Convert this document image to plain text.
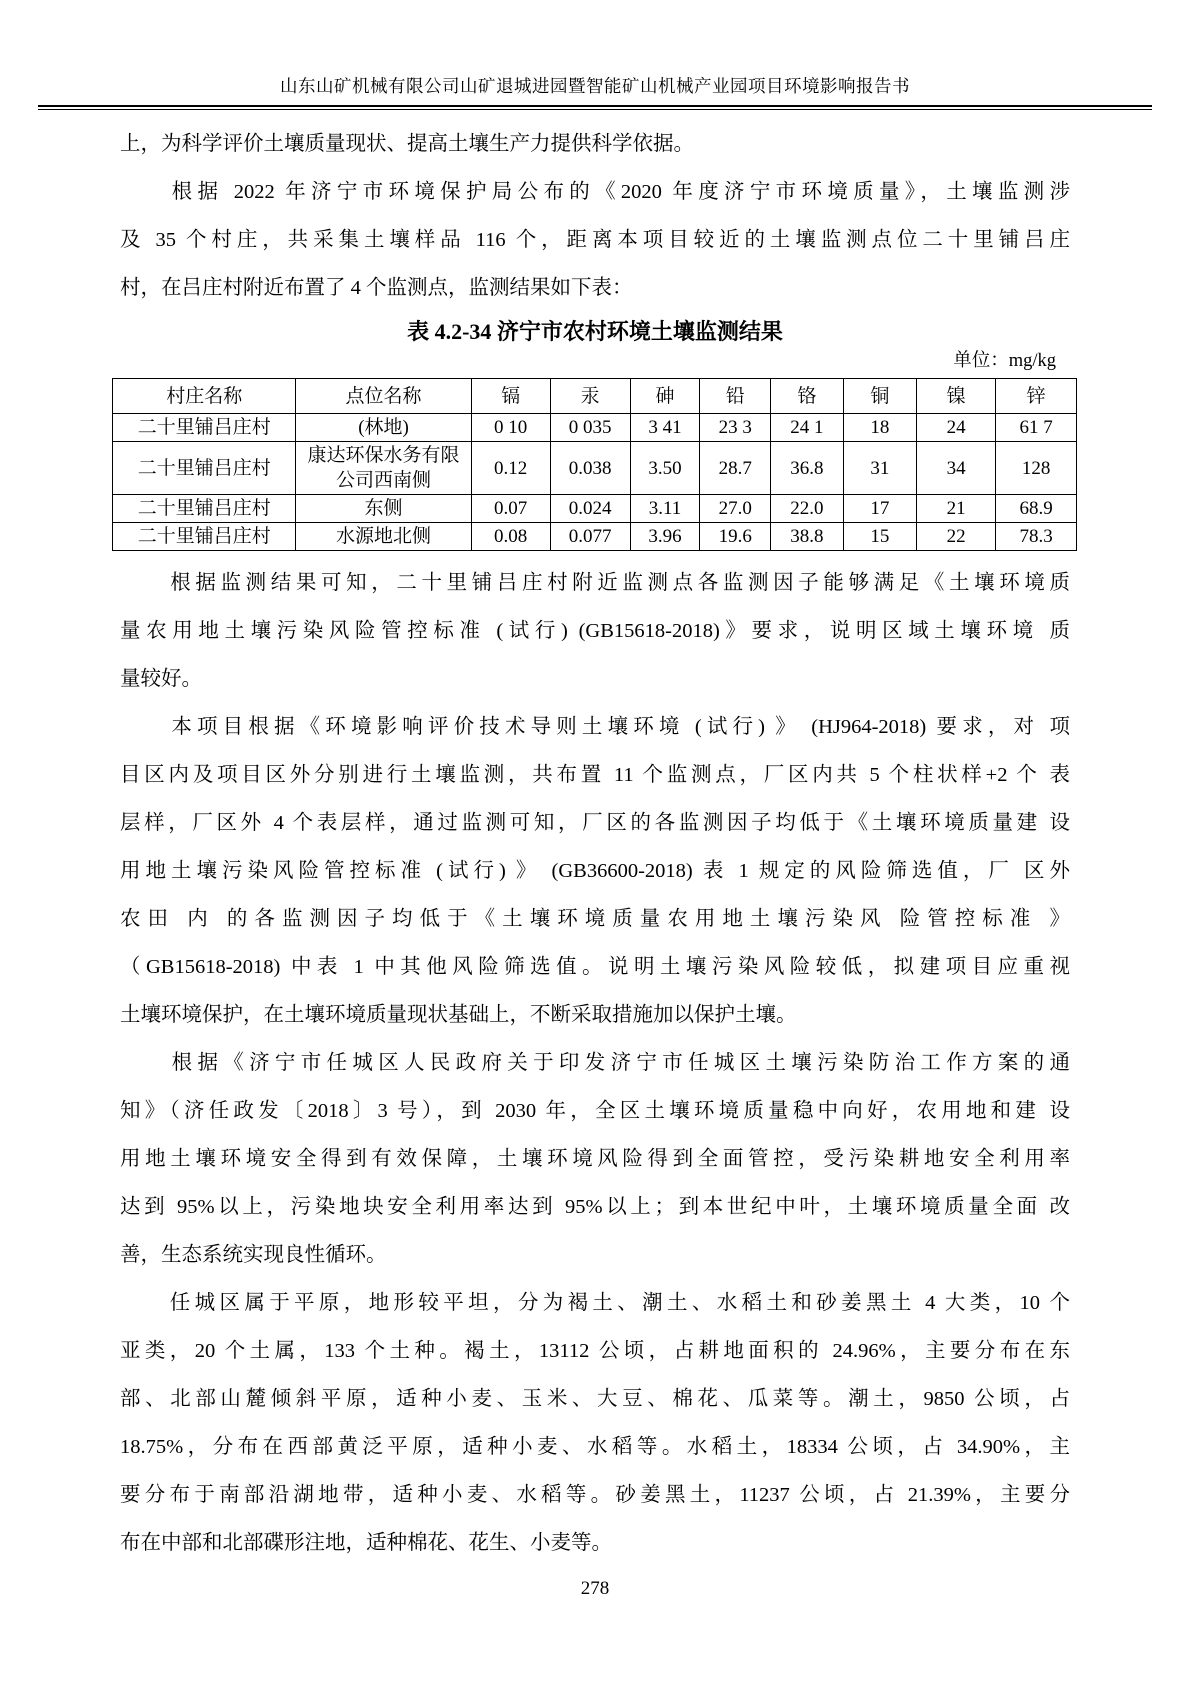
山东山矿机械有限公司山矿退城进园暨智能矿山机械产业园项目环境影响报告书
上，为科学评价土壤质量现状、提高土壤生产力提供科学依据。
　　根据 2022 年济宁市环境保护局公布的《2020 年度济宁市环境质量》，土壤监测涉
及 35 个村庄，共采集土壤样品 116 个，距离本项目较近的土壤监测点位二十里铺吕庄
村，在吕庄村附近布置了 4 个监测点，监测结果如下表：
表 4.2-34 济宁市农村环境土壤监测结果
单位：mg/kg
村庄名称	点位名称	镉	汞	砷	铅	铬	铜	镍	锌
二十里铺吕庄村	(林地)	0 10	0 035	3 41	23 3	24 1	18	24	61 7
二十里铺吕庄村	康达环保水务有限公司西南侧	0.12	0.038	3.50	28.7	36.8	31	34	128
二十里铺吕庄村	东侧	0.07	0.024	3.11	27.0	22.0	17	21	68.9
二十里铺吕庄村	水源地北侧	0.08	0.077	3.96	19.6	38.8	15	22	78.3
　　根据监测结果可知，二十里铺吕庄村附近监测点各监测因子能够满足《土壤环境质
量农用地土壤污染风险管控标准 (试行) (GB15618-2018)》要求，说明区域土壤环境 质
量较好。
　　本项目根据《环境影响评价技术导则土壤环境 (试行) 》 (HJ964-2018) 要求，对 项
目区内及项目区外分别进行土壤监测，共布置 11 个监测点，厂区内共 5 个柱状样+2 个 表
层样，厂区外 4 个表层样，通过监测可知，厂区的各监测因子均低于《土壤环境质量建 设
用地土壤污染风险管控标准 (试行) 》 (GB36600-2018) 表 1 规定的风险筛选值，厂 区外
农田 内 的各监测因子均低于《土壤环境质量农用地土壤污染风 险管控标准 》
（GB15618-2018) 中表 1 中其他风险筛选值。说明土壤污染风险较低，拟建项目应重视
土壤环境保护，在土壤环境质量现状基础上，不断采取措施加以保护土壤。
　　根据《济宁市任城区人民政府关于印发济宁市任城区土壤污染防治工作方案的通
知》（济任政发〔2018〕3 号），到 2030 年，全区土壤环境质量稳中向好，农用地和建 设
用地土壤环境安全得到有效保障，土壤环境风险得到全面管控，受污染耕地安全利用率
达到 95%以上，污染地块安全利用率达到 95%以上；到本世纪中叶，土壤环境质量全面 改
善，生态系统实现良性循环。
　　任城区属于平原，地形较平坦，分为褐土、潮土、水稻土和砂姜黑土 4 大类，10 个
亚类，20 个土属，133 个土种。褐土，13112 公顷，占耕地面积的 24.96%，主要分布在东
部、北部山麓倾斜平原，适种小麦、玉米、大豆、棉花、瓜菜等。潮土，9850 公顷，占
18.75%，分布在西部黄泛平原，适种小麦、水稻等。水稻土，18334 公顷，占 34.90%，主
要分布于南部沿湖地带，适种小麦、水稻等。砂姜黑土，11237 公顷，占 21.39%，主要分
布在中部和北部碟形注地，适种棉花、花生、小麦等。
278
